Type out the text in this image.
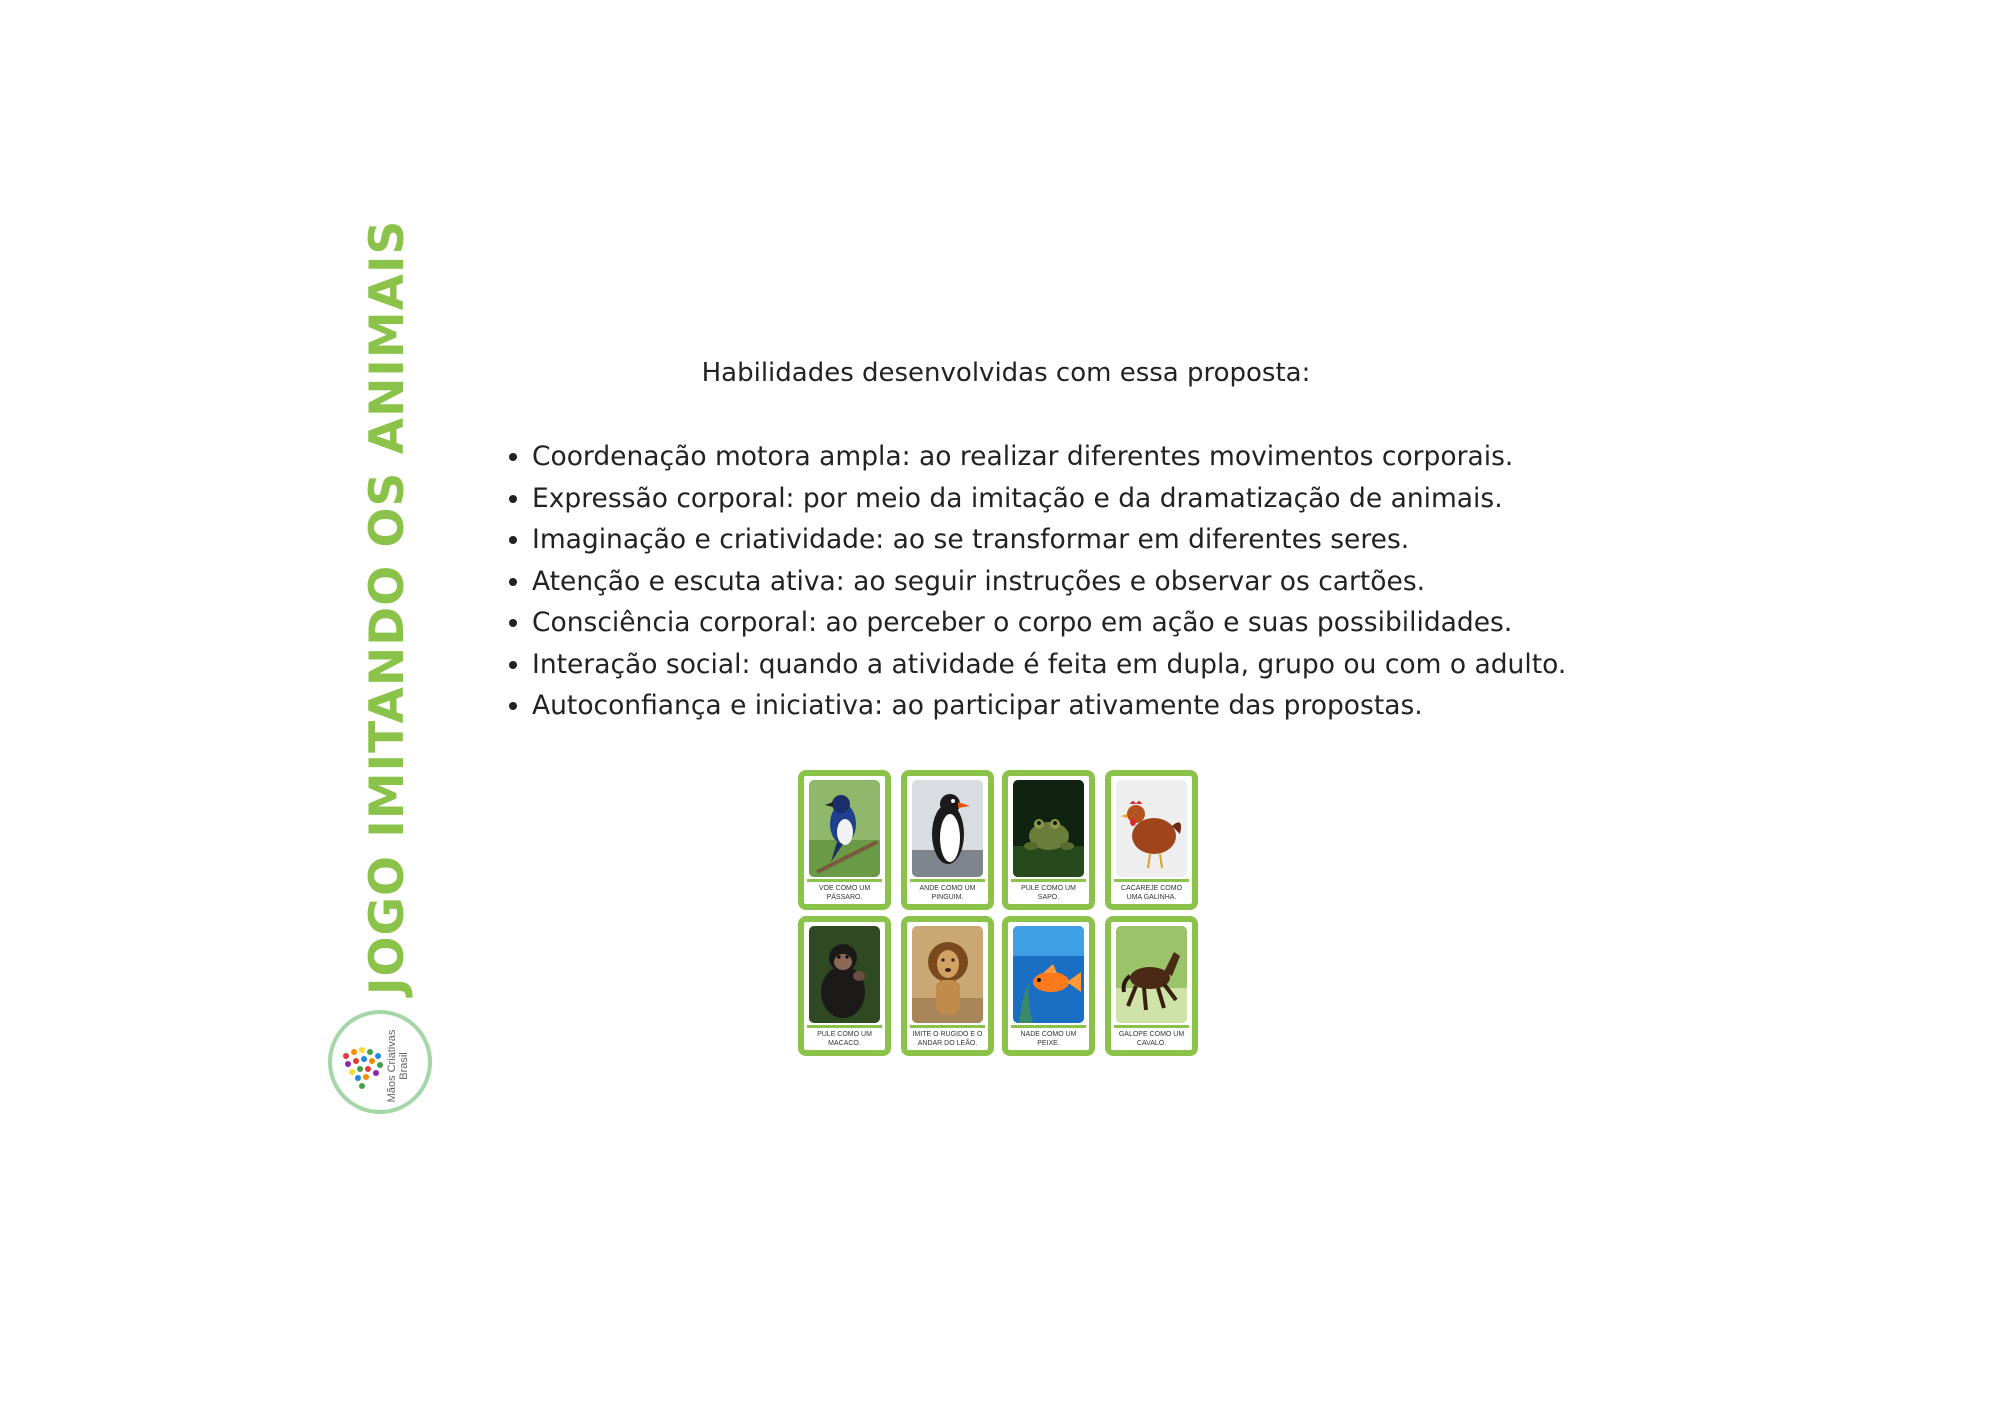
JOGO IMITANDO OS ANIMAIS
Mãos Criativas Brasil
Habilidades desenvolvidas com essa proposta:
• Coordenação motora ampla: ao realizar diferentes movimentos corporais.
• Expressão corporal: por meio da imitação e da dramatização de animais.
• Imaginação e criatividade: ao se transformar em diferentes seres.
• Atenção e escuta ativa: ao seguir instruções e observar os cartões.
• Consciência corporal: ao perceber o corpo em ação e suas possibilidades.
• Interação social: quando a atividade é feita em dupla, grupo ou com o adulto.
• Autoconfiança e iniciativa: ao participar ativamente das propostas.
VOE COMO UM PÁSSARO.
ANDE COMO UM PINGUIM.
PULE COMO UM SAPO.
CACAREJE COMO UMA GALINHA.
PULE COMO UM MACACO.
IMITE O RUGIDO E O ANDAR DO LEÃO.
NADE COMO UM PEIXE.
GALOPE COMO UM CAVALO.
